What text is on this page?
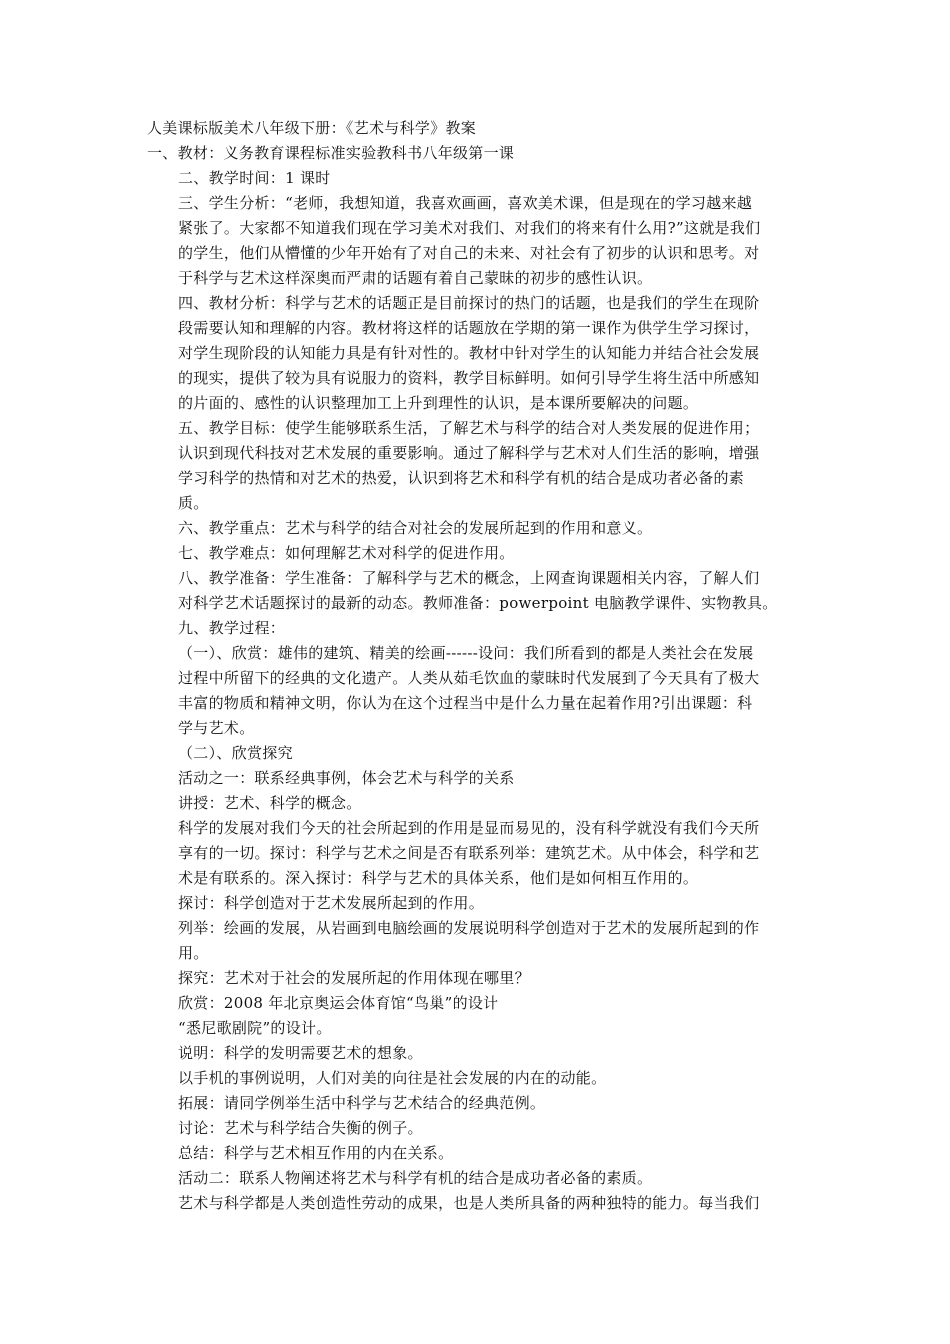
人美课标版美术八年级下册：《艺术与科学》教案
一、教材：义务教育课程标准实验教科书八年级第一课
二、教学时间：1 课时
三、学生分析：“老师，我想知道，我喜欢画画，喜欢美术课，但是现在的学习越来越
紧张了。大家都不知道我们现在学习美术对我们、对我们的将来有什么用?”这就是我们
的学生，他们从懵懂的少年开始有了对自己的未来、对社会有了初步的认识和思考。对
于科学与艺术这样深奥而严肃的话题有着自己蒙昧的初步的感性认识。
四、教材分析：科学与艺术的话题正是目前探讨的热门的话题，也是我们的学生在现阶
段需要认知和理解的内容。教材将这样的话题放在学期的第一课作为供学生学习探讨，
对学生现阶段的认知能力具是有针对性的。教材中针对学生的认知能力并结合社会发展
的现实，提供了较为具有说服力的资料，教学目标鲜明。如何引导学生将生活中所感知
的片面的、感性的认识整理加工上升到理性的认识，是本课所要解决的问题。
五、教学目标：使学生能够联系生活，了解艺术与科学的结合对人类发展的促进作用；
认识到现代科技对艺术发展的重要影响。通过了解科学与艺术对人们生活的影响，增强
学习科学的热情和对艺术的热爱，认识到将艺术和科学有机的结合是成功者必备的素
质。
六、教学重点：艺术与科学的结合对社会的发展所起到的作用和意义。
七、教学难点：如何理解艺术对科学的促进作用。
八、教学准备：学生准备：了解科学与艺术的概念，上网查询课题相关内容，了解人们
对科学艺术话题探讨的最新的动态。教师准备：powerpoint 电脑教学课件、实物教具。
九、教学过程：
（一）、欣赏：雄伟的建筑、精美的绘画------设问：我们所看到的都是人类社会在发展
过程中所留下的经典的文化遗产。人类从茹毛饮血的蒙昧时代发展到了今天具有了极大
丰富的物质和精神文明，你认为在这个过程当中是什么力量在起着作用?引出课题：科
学与艺术。
（二）、欣赏探究
活动之一：联系经典事例，体会艺术与科学的关系
讲授：艺术、科学的概念。
科学的发展对我们今天的社会所起到的作用是显而易见的，没有科学就没有我们今天所
享有的一切。探讨：科学与艺术之间是否有联系列举：建筑艺术。从中体会，科学和艺
术是有联系的。深入探讨：科学与艺术的具体关系，他们是如何相互作用的。
探讨：科学创造对于艺术发展所起到的作用。
列举：绘画的发展，从岩画到电脑绘画的发展说明科学创造对于艺术的发展所起到的作
用。
探究：艺术对于社会的发展所起的作用体现在哪里？
欣赏：2008 年北京奥运会体育馆“鸟巢”的设计
“悉尼歌剧院”的设计。
说明：科学的发明需要艺术的想象。
以手机的事例说明，人们对美的向往是社会发展的内在的动能。
拓展：请同学例举生活中科学与艺术结合的经典范例。
讨论：艺术与科学结合失衡的例子。
总结：科学与艺术相互作用的内在关系。
活动二：联系人物阐述将艺术与科学有机的结合是成功者必备的素质。
艺术与科学都是人类创造性劳动的成果，也是人类所具备的两种独特的能力。每当我们
